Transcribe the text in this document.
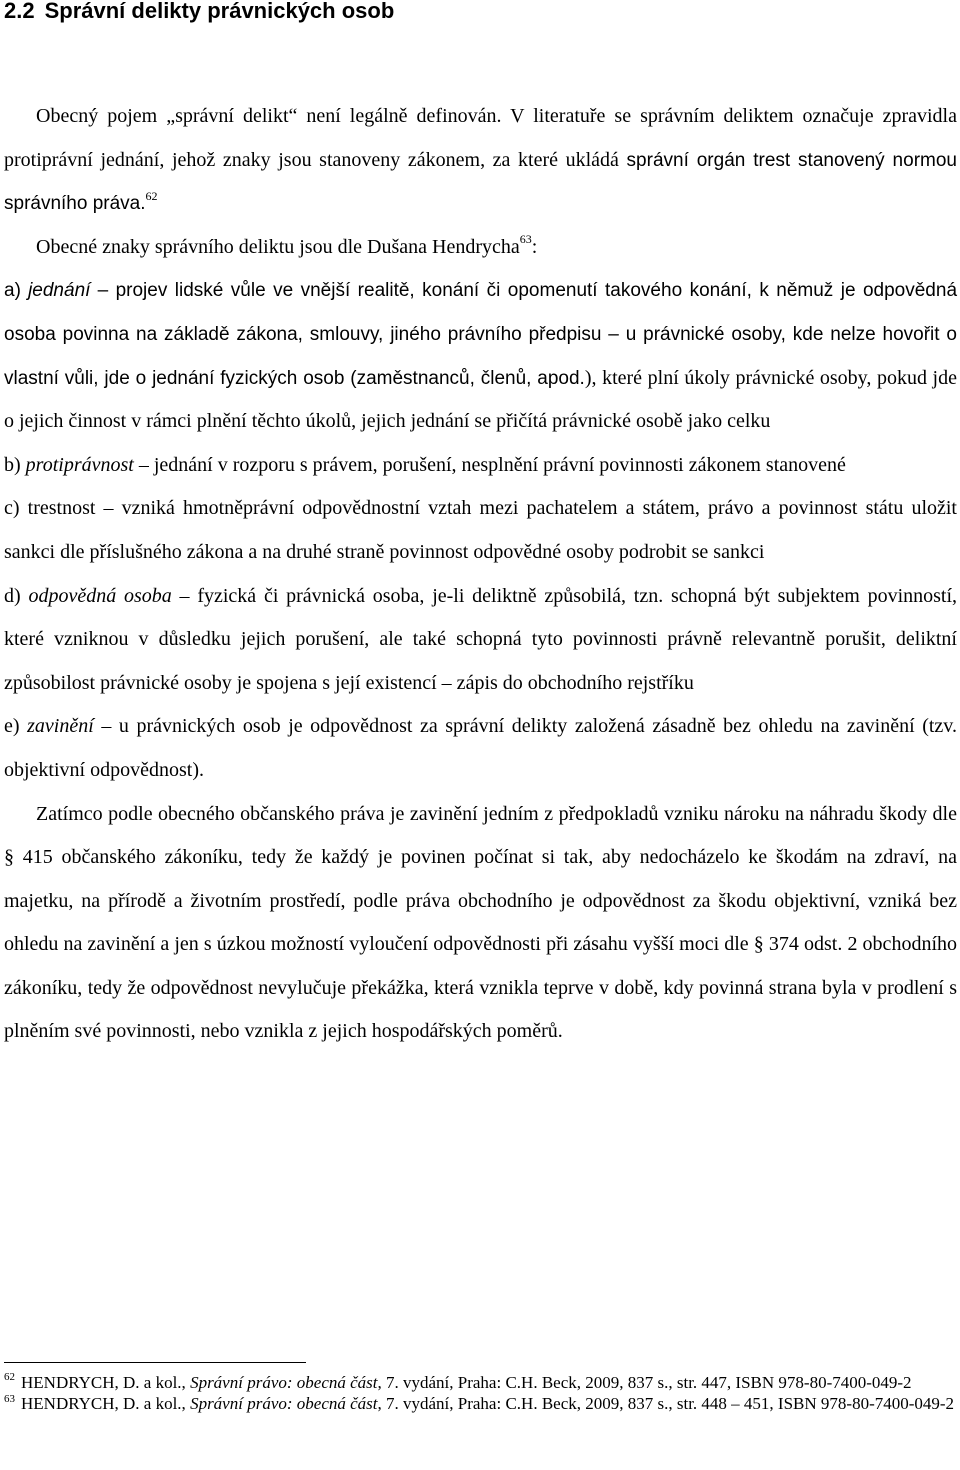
2.2 Správní delikty právnických osob

Obecný pojem „správní delikt“ není legálně definován. V literatuře se správním deliktem označuje zpravidla protiprávní jednání, jehož znaky jsou stanoveny zákonem, za které ukládá správní orgán trest stanovený normou správního práva.$^{62}$

Obecné znaky správního deliktu jsou dle Dušana Hendrycha$^{63}$:

a) jednání – projev lidské vůle ve vnější realitě, konání či opomenutí takového konání, k němuž je odpovědná osoba povinna na základě zákona, smlouvy, jiného právního předpisu – u právnické osoby, kde nelze hovořit o vlastní vůli, jde o jednání fyzických osob (zaměstnanců, členů, apod.), které plní úkoly právnické osoby, pokud jde o jejich činnost v rámci plnění těchto úkolů, jejich jednání se přičítá právnické osobě jako celku

b) protiprávnost – jednání v rozporu s právem, porušení, nesplnění právní povinnosti zákonem stanovené

c) trestnost – vzniká hmotněprávní odpovědnostní vztah mezi pachatelem a státem, právo a povinnost státu uložit sankci dle příslušného zákona a na druhé straně povinnost odpovědné osoby podrobit se sankci

d) odpovědná osoba – fyzická či právnická osoba, je-li deliktně způsobilá, tzn. schopná být subjektem povinností, které vzniknou v důsledku jejich porušení, ale také schopná tyto povinnosti právně relevantně porušit, deliktní způsobilost právnické osoby je spojena s její existencí – zápis do obchodního rejstříku

e) zavinění – u právnických osob je odpovědnost za správní delikty založená zásadně bez ohledu na zavinění (tzv. objektivní odpovědnost).

Zatímco podle obecného občanského práva je zavinění jedním z předpokladů vzniku nároku na náhradu škody dle § 415 občanského zákoníku, tedy že každý je povinen počínat si tak, aby nedocházelo ke škodám na zdraví, na majetku, na přírodě a životním prostředí, podle práva obchodního je odpovědnost za škodu objektivní, vzniká bez ohledu na zavinění a jen s úzkou možností vyloučení odpovědnosti při zásahu vyšší moci dle § 374 odst. 2 obchodního zákoníku, tedy že odpovědnost nevylučuje překážka, která vznikla teprve v době, kdy povinná strana byla v prodlení s plněním své povinnosti, nebo vznikla z jejich hospodářských poměrů.

$^{62}$ HENDRYCH, D. a kol., Správní právo: obecná část, 7. vydání, Praha: C.H. Beck, 2009, 837 s., str. 447, ISBN 978-80-7400-049-2

$^{63}$ HENDRYCH, D. a kol., Správní právo: obecná část, 7. vydání, Praha: C.H. Beck, 2009, 837 s., str. 448 – 451, ISBN 978-80-7400-049-2
